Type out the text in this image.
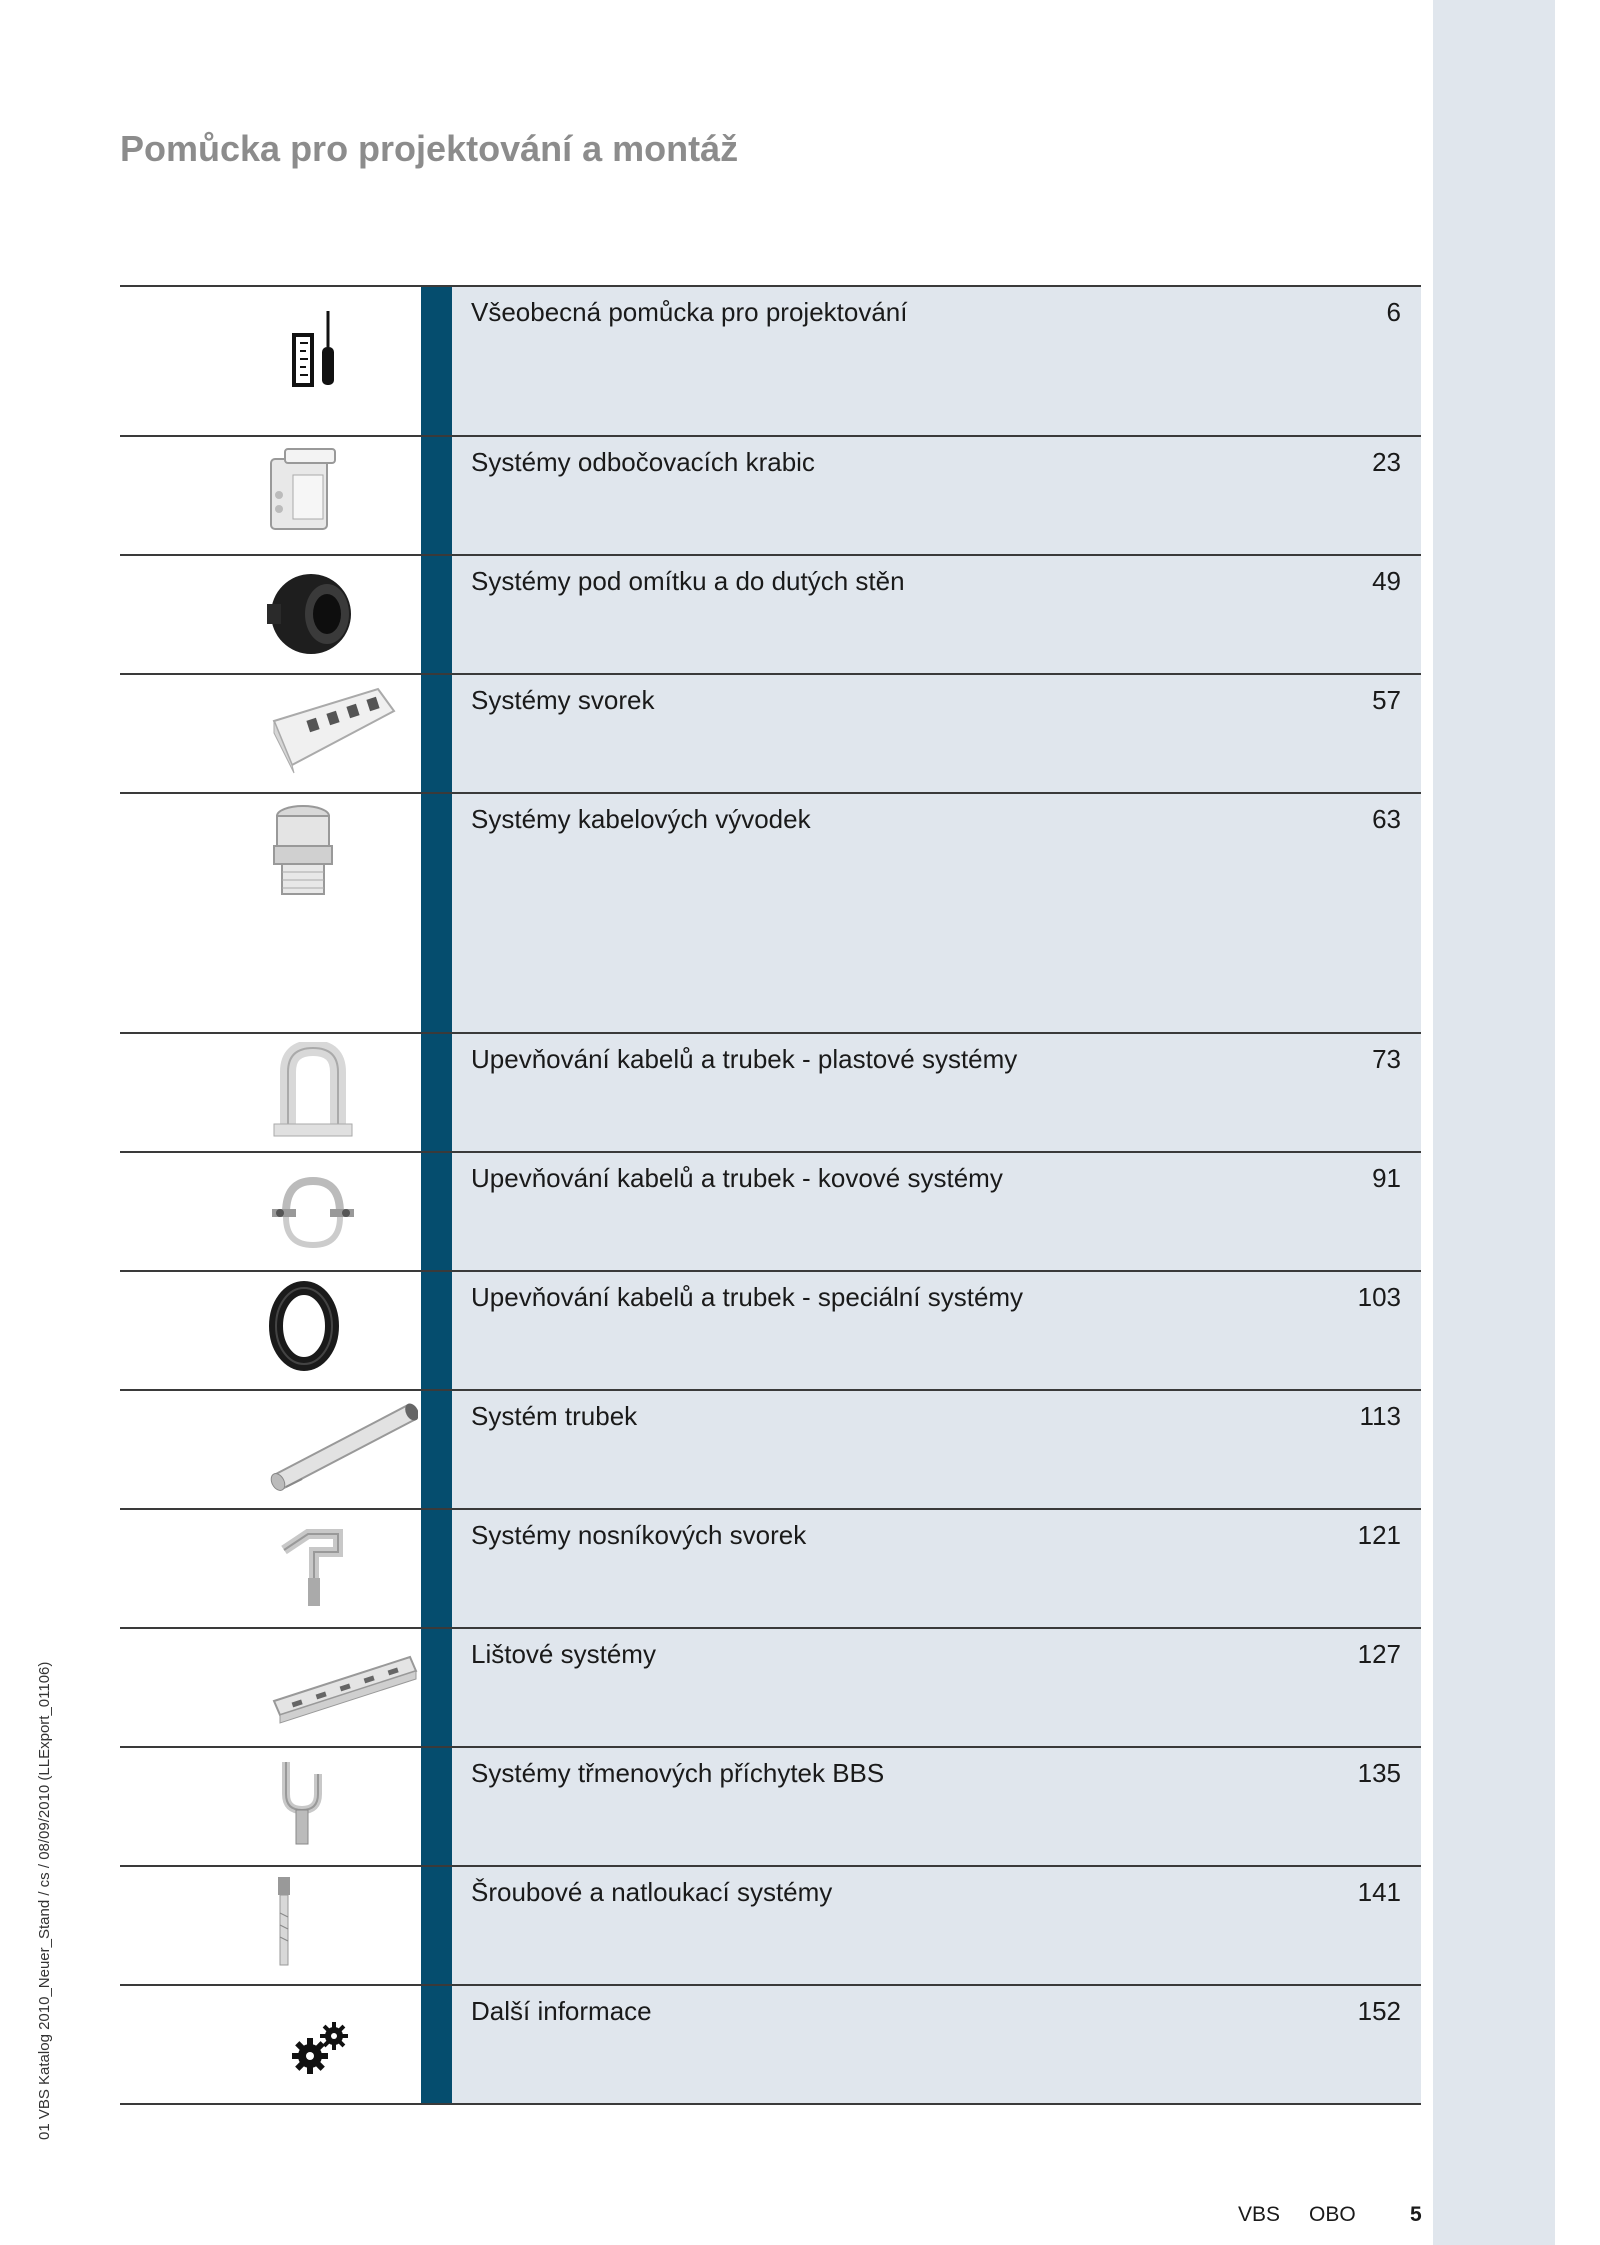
Pomůcka pro projektování a montáž
01 VBS Katalog 2010_Neuer_Stand / cs / 08/09/2010 (LLExport_01106)
Všeobecná pomůcka pro projektování	6
Systémy odbočovacích krabic	23
Systémy pod omítku a do dutých stěn	49
Systémy svorek	57
Systémy kabelových vývodek	63
Upevňování kabelů a trubek - plastové systémy	73
Upevňování kabelů a trubek - kovové systémy	91
Upevňování kabelů a trubek - speciální systémy	103
Systém trubek	113
Systémy nosníkových svorek	121
Lištové systémy	127
Systémy třmenových příchytek BBS	135
Šroubové a natloukací systémy	141
Další informace	152
VBS OBO	5
